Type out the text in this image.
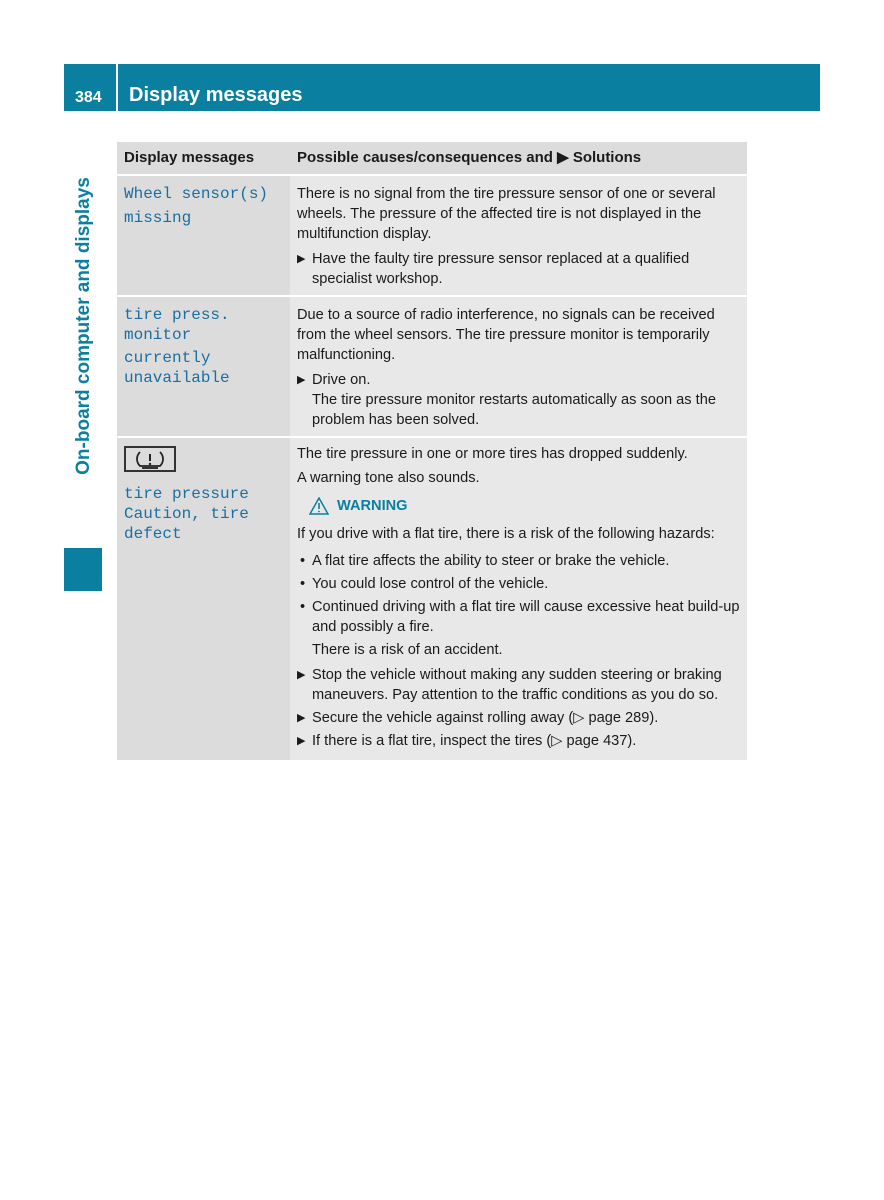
384 Display messages
On-board computer and displays
Display messages	Possible causes/consequences and ▶ Solutions
Wheel sensor(s)
missing

There is no signal from the tire pressure sensor of one or several wheels. The pressure of the affected tire is not displayed in the multifunction display.

▶ Have the faulty tire pressure sensor replaced at a qualified specialist workshop.
tire press. monitor
currently
unavailable

Due to a source of radio interference, no signals can be received from the wheel sensors. The tire pressure monitor is temporarily malfunctioning.

▶ Drive on.
The tire pressure monitor restarts automatically as soon as the problem has been solved.
tire pressure
Caution, tire
defect

The tire pressure in one or more tires has dropped suddenly.

A warning tone also sounds.

WARNING

If you drive with a flat tire, there is a risk of the following hazards:

• A flat tire affects the ability to steer or brake the vehicle.
• You could lose control of the vehicle.
• Continued driving with a flat tire will cause excessive heat build-up and possibly a fire.
There is a risk of an accident.
▶ Stop the vehicle without making any sudden steering or braking maneuvers. Pay attention to the traffic conditions as you do so.
▶ Secure the vehicle against rolling away (▷ page 289).
▶ If there is a flat tire, inspect the tires (▷ page 437).
